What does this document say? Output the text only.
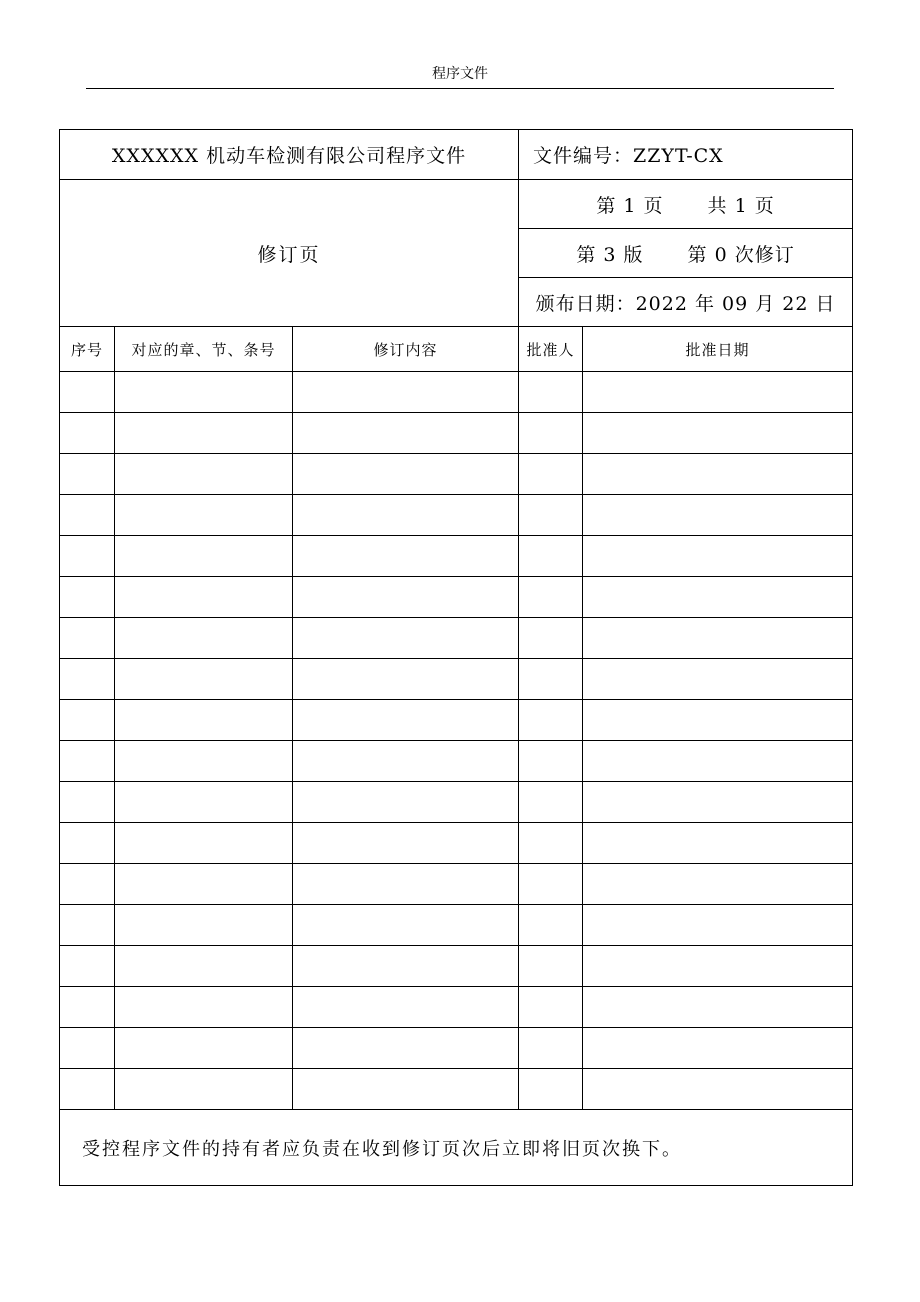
程序文件
XXXXXX 机动车检测有限公司程序文件			文件编号：ZZYT-CX	
修订页			第 1 页 共 1 页	
			第 3 版 第 0 次修订	
			颁布日期：2022 年 09 月 22 日	
序号	对应的章、节、条号	修订内容	批准人	批准日期

受控程序文件的持有者应负责在收到修订页次后立即将旧页次换下。				
